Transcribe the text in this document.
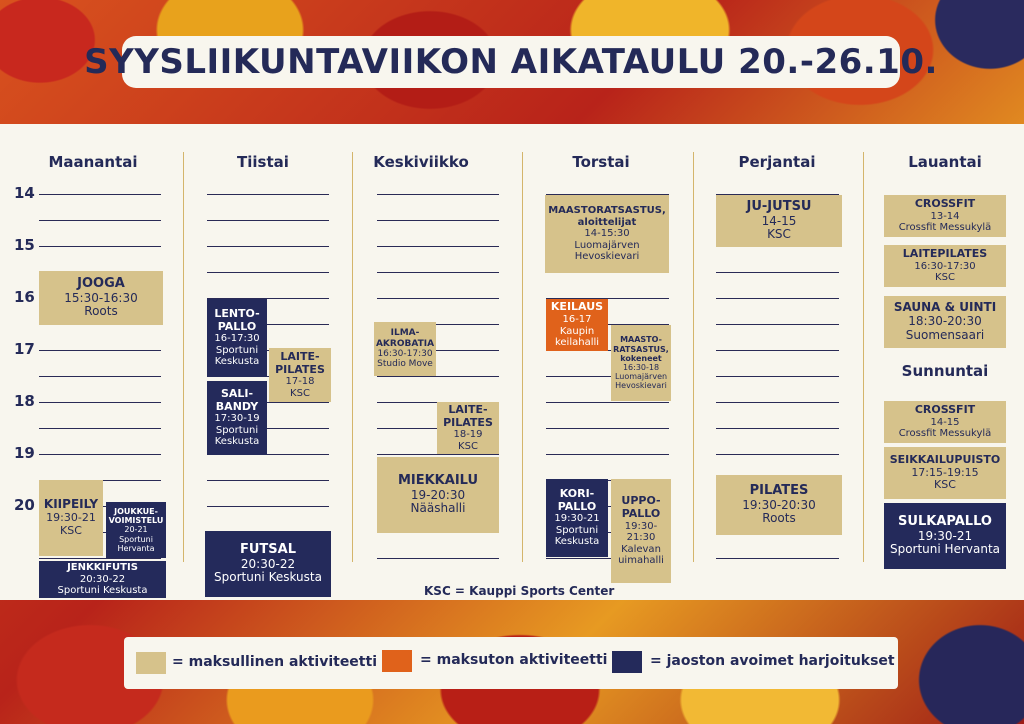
SYYSLIIKUNTAVIIKON AIKATAULU 20.-26.10.
Maanantai	Tiistai	Keskiviikko	Torstai	Perjantai	Lauantai
14
15
16
17
18
19
20
JOOGA
15:30-16:30
Roots
KIIPEILY
19:30-21
KSC
JOUKKUE-VOIMISTELU
20-21
Sportuni Hervanta
JENKKIFUTIS
20:30-22
Sportuni Keskusta
LENTO-PALLO
16-17:30
Sportuni Keskusta	LAITE-PILATES
17-18
KSC
SALI-BANDY
17:30-19
Sportuni Keskusta
FUTSAL
20:30-22
Sportuni Keskusta
ILMA-AKROBATIA
16:30-17:30
Studio Move
LAITE-PILATES
18-19
KSC
MIEKKAILU
19-20:30
Nääshalli
MAASTORATSASTUS,
aloittelijat
14-15:30
Luomajärven Hevoskievari
KEILAUS
16-17
Kaupin keilahalli	MAASTO-RATSASTUS,
kokeneet
16:30-18
Luomajärven Hevoskievari
KORI-PALLO
19:30-21
Sportuni Keskusta
UPPO-PALLO
19:30-21:30
Kalevan uimahalli
JU-JUTSU
14-15
KSC
PILATES
19:30-20:30
Roots
CROSSFIT
13-14
Crossfit Messukylä
LAITEPILATES
16:30-17:30
KSC
SAUNA & UINTI
18:30-20:30
Suomensaari
Sunnuntai
CROSSFIT
14-15
Crossfit Messukylä
SEIKKAILUPUISTO
17:15-19:15
KSC
SULKAPALLO
19:30-21
Sportuni Hervanta
KSC = Kauppi Sports Center
= maksullinen aktiviteetti	= maksuton aktiviteetti	= jaoston avoimet harjoitukset
